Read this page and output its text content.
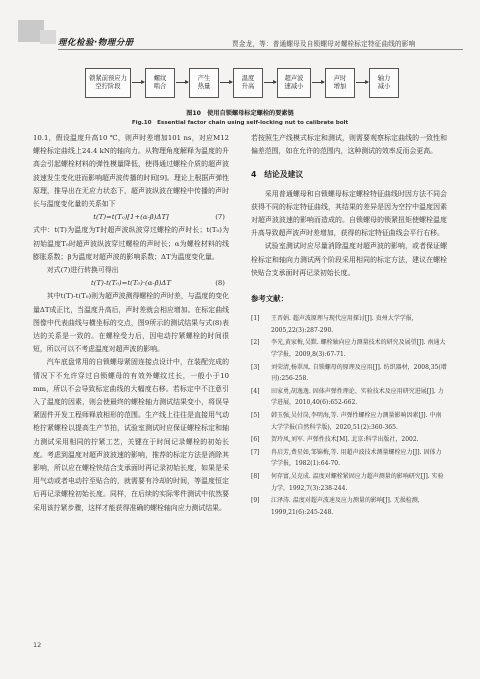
理化检验·物理分册	贾金龙，等：普通螺母及自锁螺母对螺栓标定特征曲线的影响
锁紧前预应力
空拧阶段
螺纹
啮合
产生
热量
温度
升高
超声波
速减小
声时
增加
轴力
减小
图10　使用自锁螺母标定螺栓的要素链
Fig.10　Essential factor chain using self-locking nut to calibrate bolt

10.1，假设温度升高10 ℃，则声时差增加101 ns，对应M12螺栓标定曲线上24.4 kN的轴向力。从物理角度解释为温度的升高会引起螺栓材料的弹性模量降低，使得通过螺栓介质的超声波波速发生变化进而影响超声波传播的时间[9]。理论上根据声弹性原理，推导出在无应力状态下，超声波纵波在螺栓中传播的声时长与温度变化量的关系如下

t(T)=t(T₀)[1+(α-β)ΔT]	(7)

式中：t(T)为温度为T时超声波纵波穿过螺栓的声时长；t(T₀)为初始温度T₀时超声波纵波穿过螺栓的声时长；α为螺栓材料的线膨胀系数；β为温度对超声波的影响系数；ΔT为温度变化量。

对式(7)进行转换可得出

t(T)-t(T₀)=t(T₀)·(α-β)ΔT	(8)

其中t(T)-t(T₀)则为超声波测得螺栓的声时差，与温度的变化量ΔT成正比，当温度升高后，声时差就会相应增加。在标定曲线图像中代表曲线与横坐标的交点，图9所示的测试结果与式(8)表达的关系是一致的。在螺栓受力后，因电动拧紧螺栓的时间很短，所以可以不考虑温度对超声波的影响。

汽车底盘常用的自锁螺母紧固连接点设计中，在装配完成的情况下不允许穿过自锁螺母的有效外螺纹过长，一般小于10 mm，所以不会导致标定曲线的大幅度右移。若标定中不注意引入了温度的因素，则会使最终的螺栓轴力测试结果变小，将误导紧固件开发工程师释放相形的范围。生产线上往往是直接用气动枪拧紧螺栓以提高生产节拍，试验室测试时应保证螺栓标定和轴力测试采用相同的拧紧工艺，关键在于时间记录螺栓的初始长度。考虑到温度对超声波波速的影响，推荐的标定方法是消除其影响，所以应在螺栓快结合支承面时再记录初始长度，如果是采用气动或者电动拧至贴合的，就需要有冷却的时间，等温度恒定后再记录螺栓初始长度。同样，在后续的实际零件测试中依然要采用该拧紧步骤，这样才能获得准确的螺栓轴向应力测试结果。

若按照生产线模式标定和测试，则需要观察标定曲线的一致性和偏差范围，如在允许的范围内，这种测试的效率反而会更高。

4　结论及建议

采用普通螺母和自锁螺母标定螺栓特征曲线时因方法不同会获得不同的标定特征曲线，其结果的差异是因为空拧中温度因素对超声波波速的影响而造成的。自锁螺母的锁紧扭矩使螺栓温度升高导致超声波声时差增加，获得的标定特征曲线会平行右移。

试验室测试时应尽量消除温度对超声波的影响，或者保证螺栓标定和轴向力测试两个阶段采用相同的标定方法，建议在螺栓快贴合支承面时再记录初始长度。

参考文献：
[1]	王晋娟. 超声波原理与现代应用探讨[J]. 贵州大学学报，2005,22(3):287-290.
[2]	李光,黄家梅,吴默. 螺栓轴向应力测量技术的研究及展望[J]. 南通大学学报，2009,8(3):67-71.
[3]	刘荣清,杨翠凤. 自锁螺母的原理及应用[J]. 纺织器材，2008,35(增刊):256-258.
[4]	田家勇,胡逸逸. 固体声弹性理论、实验技术及应用研究进展[J]. 力学进展，2010,40(6):652-662.
[5]	韩玉强,吴付岗,李明海,等. 声弹性螺栓应力测量影响因素[J]. 中南大学学报(自然科学版)，2020,51(2):360-365.
[6]	贺玲凤,刘军. 声弹性技术[M]. 北京:科学出版社，2002.
[7]	冉启芳,费星如,邹锦梅,等. 用超声波技术测量螺栓应力[J]. 固体力学学报，1982(1):64-70.
[8]	何存富,吴克成. 温度对螺栓紧固应力超声测量的影响研究[J]. 实验力学，1992,7(3):238-244.
[9]	江泽涛. 温度对超声波速及应力测量的影响[J]. 无损检测，1999,21(6):245-248.
12
